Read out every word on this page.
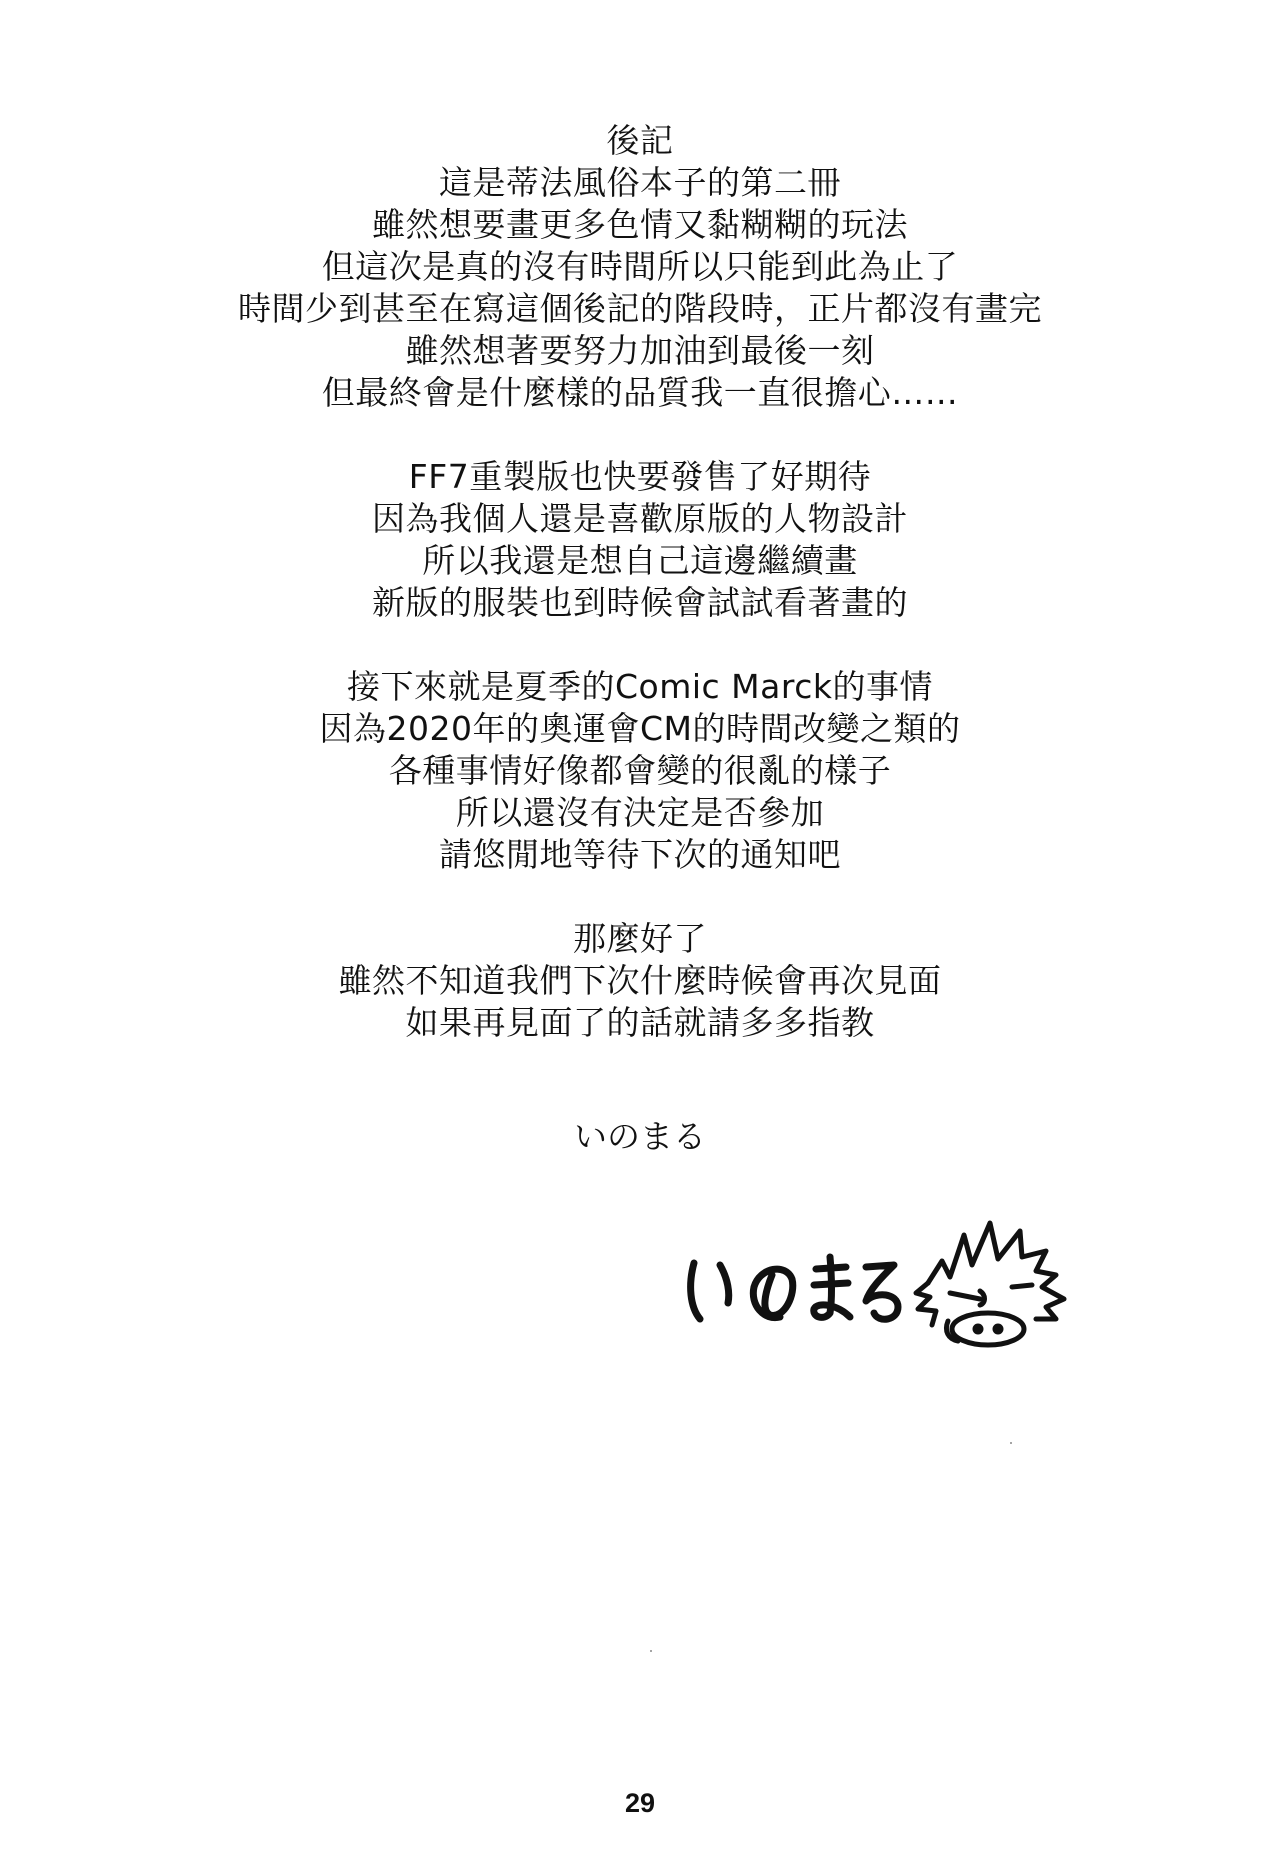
後記
這是蒂法風俗本子的第二冊
雖然想要畫更多色情又黏糊糊的玩法
但這次是真的沒有時間所以只能到此為止了
時間少到甚至在寫這個後記的階段時，正片都沒有畫完
雖然想著要努力加油到最後一刻
但最終會是什麼樣的品質我一直很擔心……
FF7重製版也快要發售了好期待
因為我個人還是喜歡原版的人物設計
所以我還是想自己這邊繼續畫
新版的服裝也到時候會試試看著畫的
接下來就是夏季的Comic Marck的事情
因為2020年的奧運會CM的時間改變之類的
各種事情好像都會變的很亂的樣子
所以還沒有決定是否參加
請悠閒地等待下次的通知吧
那麼好了
雖然不知道我們下次什麼時候會再次見面
如果再見面了的話就請多多指教
いのまる
29
